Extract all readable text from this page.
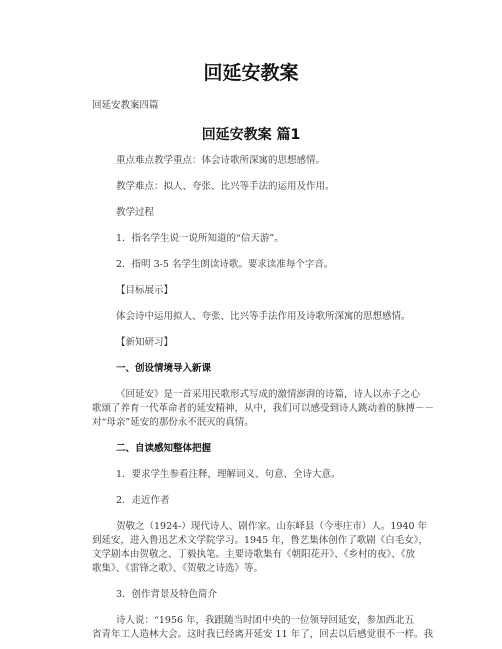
回延安教案
回延安教案四篇
回延安教案 篇1
重点难点教学重点：体会诗歌所深寓的思想感情。
教学难点：拟人、夸张、比兴等手法的运用及作用。
教学过程
1．指名学生说一说所知道的“信天游”。
2．指明 3-5 名学生朗读诗歌。要求读准每个字音。
【目标展示】
体会诗中运用拟人、夸张、比兴等手法作用及诗歌所深寓的思想感情。
【新知研习】
一、创设情境导入新课
《回延安》是一首采用民歌形式写成的激情澎湃的诗篇，诗人以赤子之心
歌颂了养育一代革命者的延安精神，从中，我们可以感受到诗人跳动着的脉搏－－
对“母亲”延安的那份永不泯灭的真情。
二、自读感知整体把握
1．要求学生参看注释，理解词义、句意、全诗大意。
2．走近作者
贺敬之（1924-）现代诗人、剧作家。山东峄县（今枣庄市）人。1940 年
到延安，进入鲁迅艺术文学院学习。1945 年，鲁艺集体创作了歌剧《白毛女》，
文学剧本由贺敬之、丁毅执笔。主要诗歌集有《朝阳花开》、《乡村的夜》、《放
歌集》、《雷锋之歌》、《贺敬之诗选》等。
3．创作背景及特色简介
诗人说：“1956 年，我跟随当时团中央的一位领导回延安，参加西北五
省青年工人造林大会。这时我已经离开延安 11 年了，回去以后感觉很不一样。我
